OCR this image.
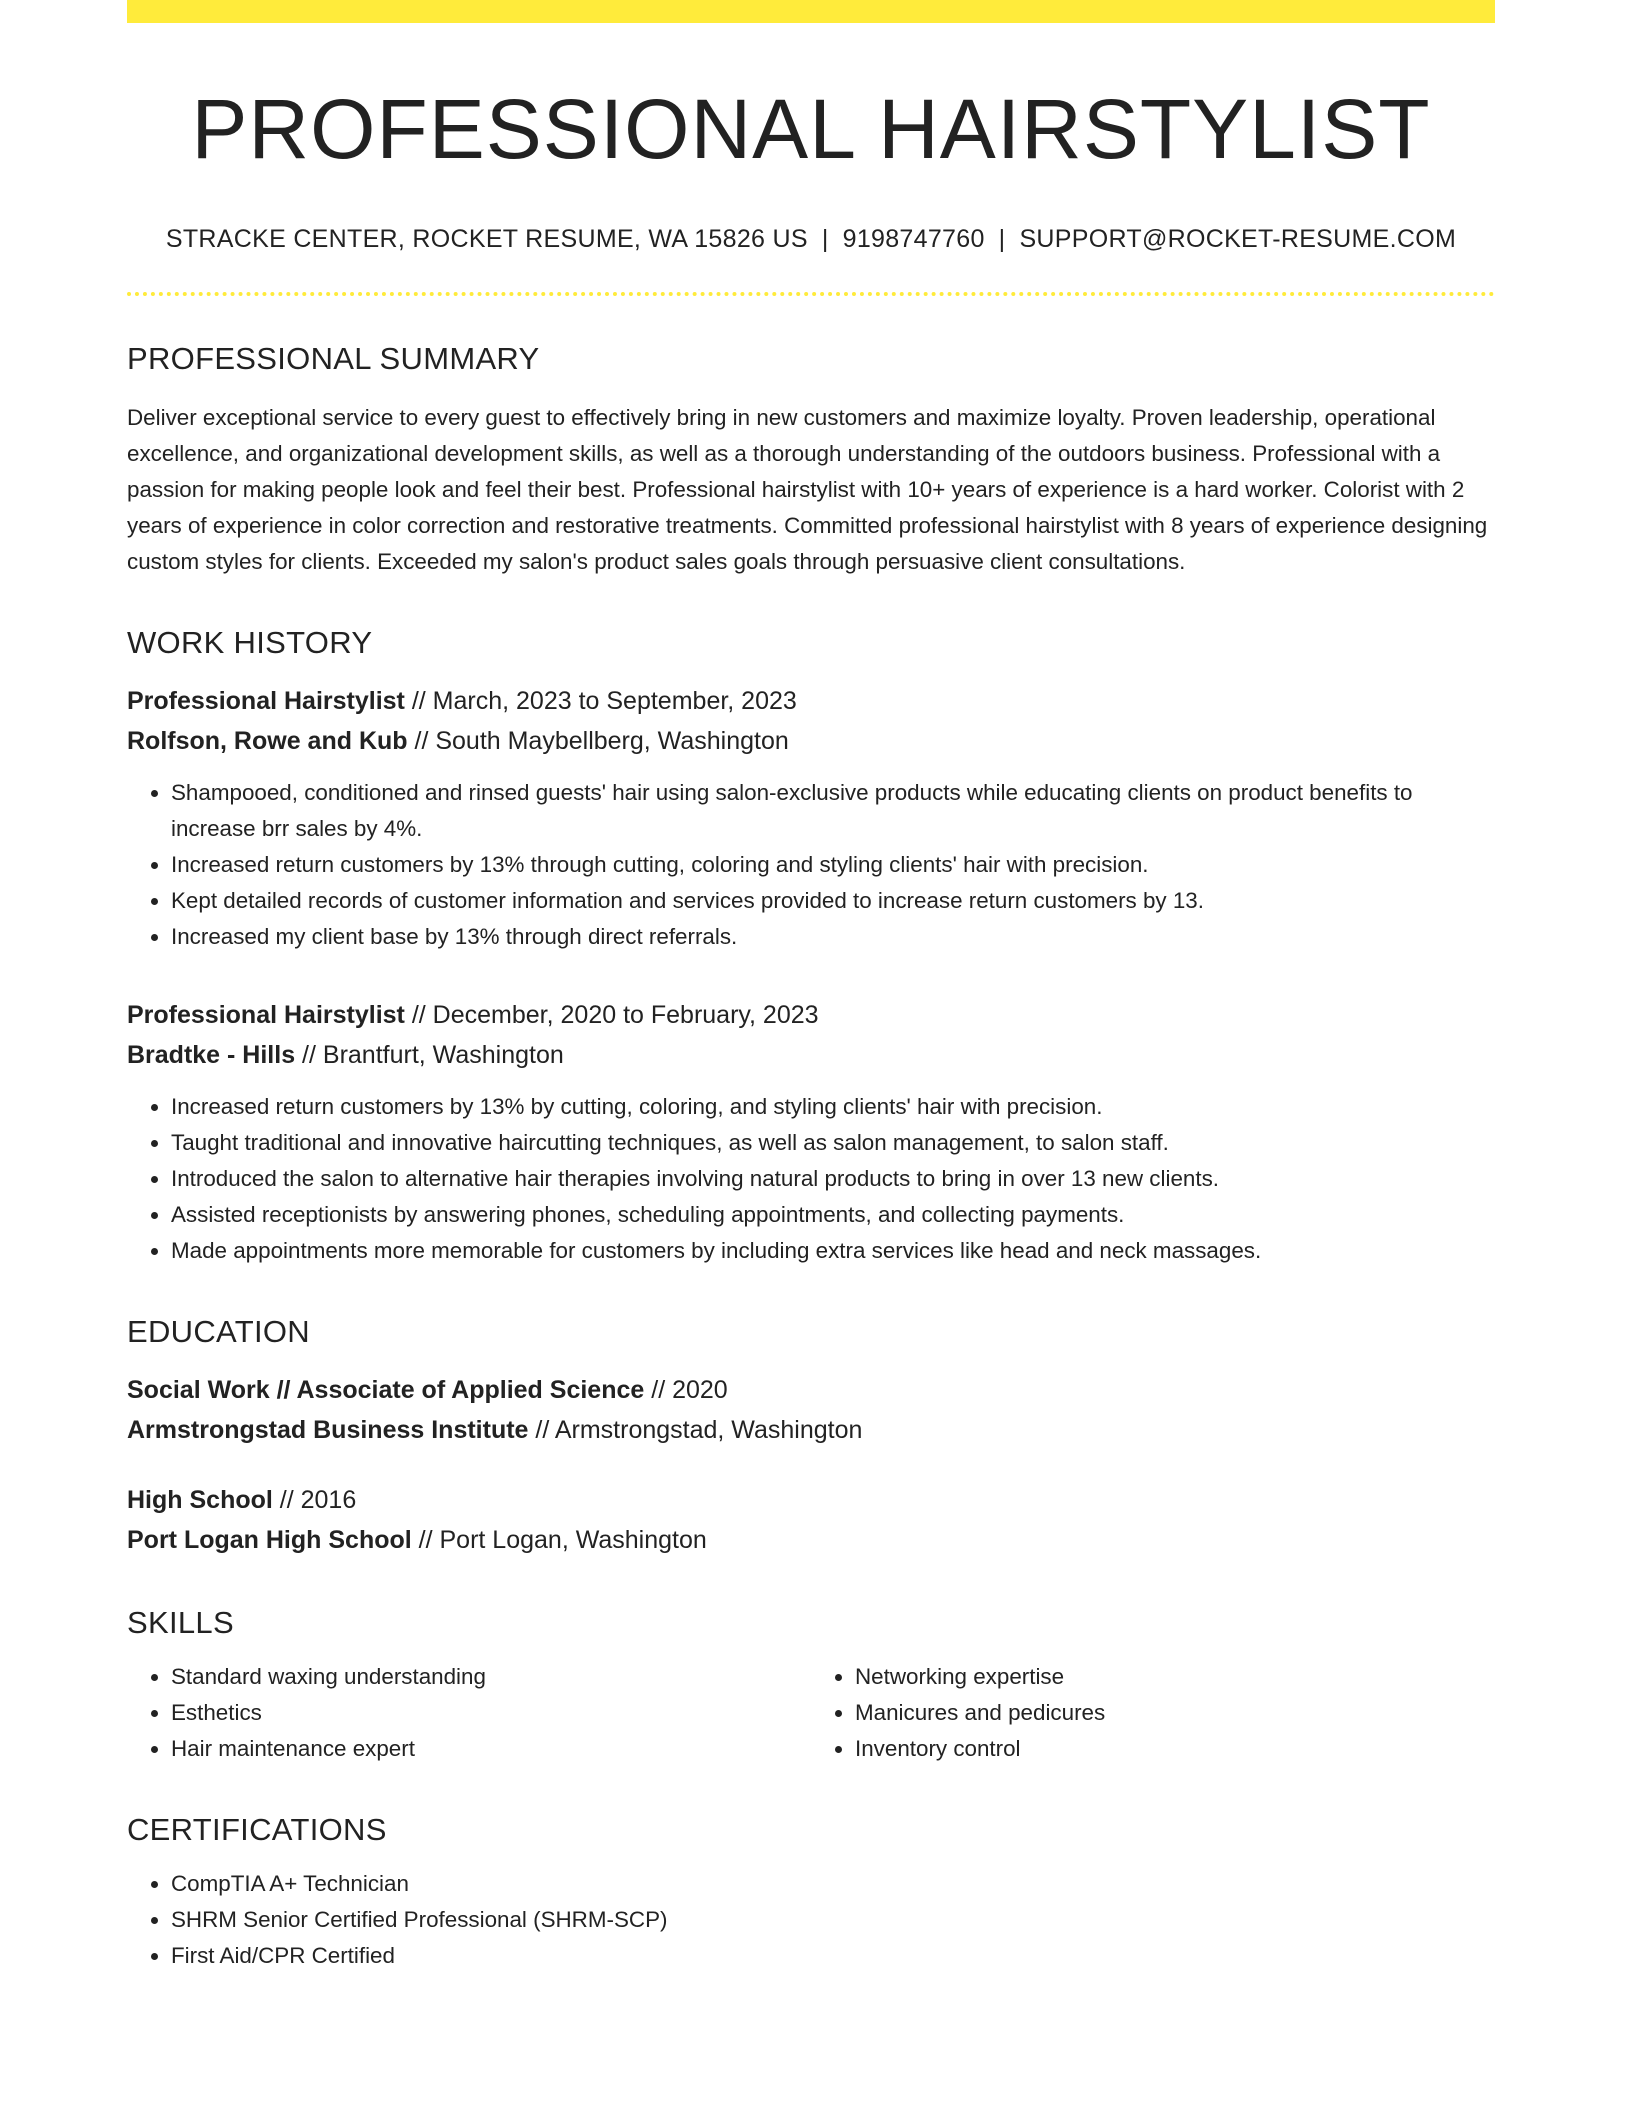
PROFESSIONAL HAIRSTYLIST
STRACKE CENTER, ROCKET RESUME, WA 15826 US | 9198747760 | SUPPORT@ROCKET-RESUME.COM
PROFESSIONAL SUMMARY
Deliver exceptional service to every guest to effectively bring in new customers and maximize loyalty. Proven leadership, operational excellence, and organizational development skills, as well as a thorough understanding of the outdoors business. Professional with a passion for making people look and feel their best. Professional hairstylist with 10+ years of experience is a hard worker. Colorist with 2 years of experience in color correction and restorative treatments. Committed professional hairstylist with 8 years of experience designing custom styles for clients. Exceeded my salon's product sales goals through persuasive client consultations.
WORK HISTORY
Professional Hairstylist // March, 2023 to September, 2023
Rolfson, Rowe and Kub // South Maybellberg, Washington
• Shampooed, conditioned and rinsed guests' hair using salon-exclusive products while educating clients on product benefits to increase brr sales by 4%.
• Increased return customers by 13% through cutting, coloring and styling clients' hair with precision.
• Kept detailed records of customer information and services provided to increase return customers by 13.
• Increased my client base by 13% through direct referrals.
Professional Hairstylist // December, 2020 to February, 2023
Bradtke - Hills // Brantfurt, Washington
• Increased return customers by 13% by cutting, coloring, and styling clients' hair with precision.
• Taught traditional and innovative haircutting techniques, as well as salon management, to salon staff.
• Introduced the salon to alternative hair therapies involving natural products to bring in over 13 new clients.
• Assisted receptionists by answering phones, scheduling appointments, and collecting payments.
• Made appointments more memorable for customers by including extra services like head and neck massages.
EDUCATION
Social Work // Associate of Applied Science // 2020
Armstrongstad Business Institute // Armstrongstad, Washington
High School // 2016
Port Logan High School // Port Logan, Washington
SKILLS
• Standard waxing understanding
• Esthetics
• Hair maintenance expert
• Networking expertise
• Manicures and pedicures
• Inventory control
CERTIFICATIONS
• CompTIA A+ Technician
• SHRM Senior Certified Professional (SHRM-SCP)
• First Aid/CPR Certified
